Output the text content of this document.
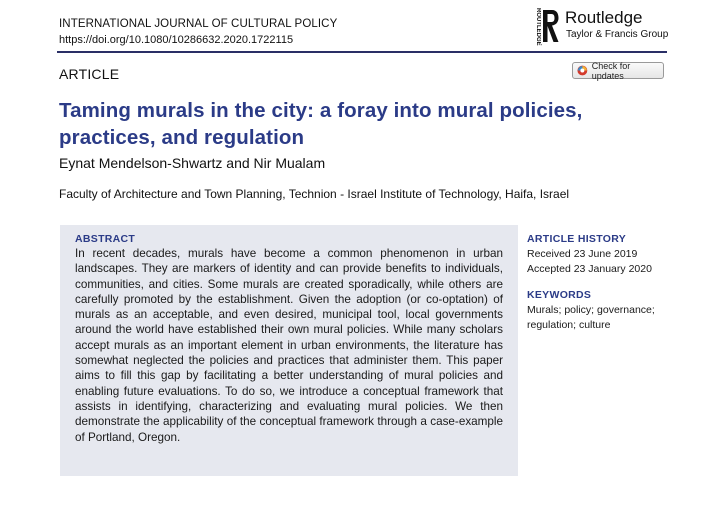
INTERNATIONAL JOURNAL OF CULTURAL POLICY
https://doi.org/10.1080/10286632.2020.1722115	ROUTLEDGE Routledge
Taylor & Francis Group
ARTICLE
Check for updates
Taming murals in the city: a foray into mural policies, practices, and regulation
Eynat Mendelson-Shwartz and Nir Mualam
Faculty of Architecture and Town Planning, Technion - Israel Institute of Technology, Haifa, Israel
ABSTRACT

In recent decades, murals have become a common phenomenon in urban landscapes. They are markers of identity and can provide benefits to individuals, communities, and cities. Some murals are created sporadically, while others are carefully promoted by the establishment. Given the adoption (or co-optation) of murals as an acceptable, and even desired, municipal tool, local governments around the world have established their own mural policies. While many scholars accept murals as an important element in urban environments, the literature has somewhat neglected the policies and practices that administer them. This paper aims to fill this gap by facilitating a better understanding of mural policies and enabling future evaluations. To do so, we introduce a conceptual framework that assists in identifying, characterizing and evaluating mural policies. We then demonstrate the applicability of the conceptual framework through a case-example of Portland, Oregon.

ARTICLE HISTORY

Received 23 June 2019

Accepted 23 January 2020

KEYWORDS

Murals; policy; governance;

regulation; culture
